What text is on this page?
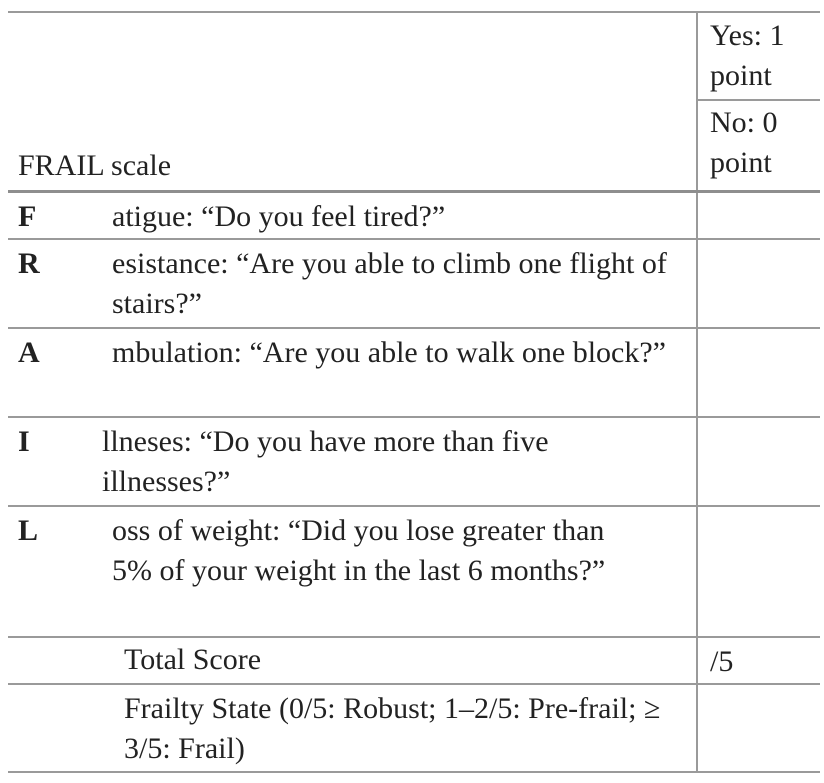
FRAIL scale
Yes: 1 point
No: 0 point
F	atigue: “Do you feel tired?”
R esistance: “Are you able to climb one flight of stairs?”
A mbulation: “Are you able to walk one block?”
I llneses: “Do you have more than five illnesses?”
L oss of weight: “Did you lose greater than 5% of your weight in the last 6 months?”
Total Score	/5
Frailty State (0/5: Robust; 1–2/5: Pre-frail; ≥ 3/5: Frail)
